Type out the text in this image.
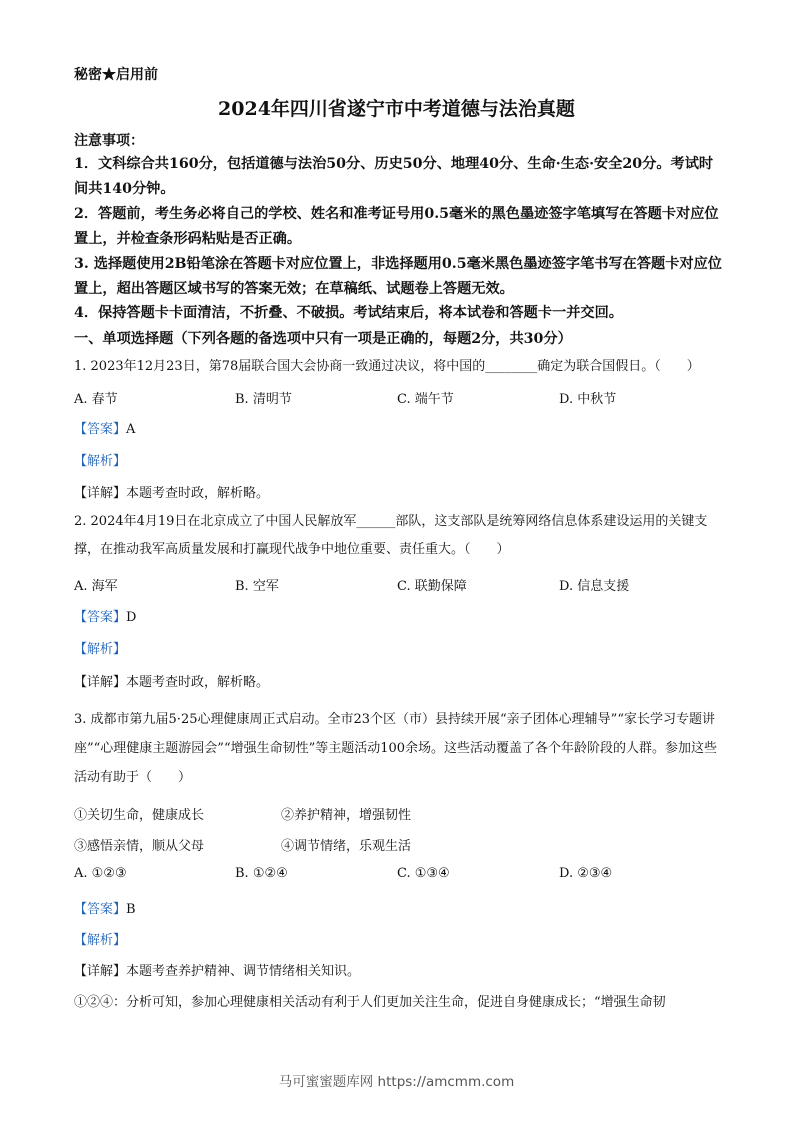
秘密★启用前
2024年四川省遂宁市中考道德与法治真题
注意事项：
1．文科综合共160分，包括道德与法治50分、历史50分、地理40分、生命·生态·安全20分。考试时间共140分钟。
2．答题前，考生务必将自己的学校、姓名和准考证号用0.5毫米的黑色墨迹签字笔填写在答题卡对应位置上，并检查条形码粘贴是否正确。
3. 选择题使用2B铅笔涂在答题卡对应位置上，非选择题用0.5毫米黑色墨迹签字笔书写在答题卡对应位置上，超出答题区域书写的答案无效；在草稿纸、试题卷上答题无效。
4．保持答题卡卡面清洁，不折叠、不破损。考试结束后，将本试卷和答题卡一并交回。
一、单项选择题（下列各题的备选项中只有一项是正确的，每题2分，共30分）
1. 2023年12月23日，第78届联合国大会协商一致通过决议，将中国的________确定为联合国假日。（　　）
A. 春节	B. 清明节	C. 端午节	D. 中秋节
【答案】A
【解析】
【详解】本题考查时政，解析略。
2. 2024年4月19日在北京成立了中国人民解放军______部队，这支部队是统筹网络信息体系建设运用的关键支撑，在推动我军高质量发展和打赢现代战争中地位重要、责任重大。（　　）
A. 海军	B. 空军	C. 联勤保障	D. 信息支援
【答案】D
【解析】
【详解】本题考查时政，解析略。
3. 成都市第九届5·25心理健康周正式启动。全市23个区（市）县持续开展“亲子团体心理辅导”“家长学习专题讲座”“心理健康主题游园会”“增强生命韧性”等主题活动100余场。这些活动覆盖了各个年龄阶段的人群。参加这些活动有助于（　　）
①关切生命，健康成长	②养护精神，增强韧性
③感悟亲情，顺从父母	④调节情绪，乐观生活
A. ①②③	B. ①②④	C. ①③④	D. ②③④
【答案】B
【解析】
【详解】本题考查养护精神、调节情绪相关知识。
①②④：分析可知，参加心理健康相关活动有利于人们更加关注生命，促进自身健康成长；“增强生命韧
马可蜜蜜题库网 https://amcmm.com
